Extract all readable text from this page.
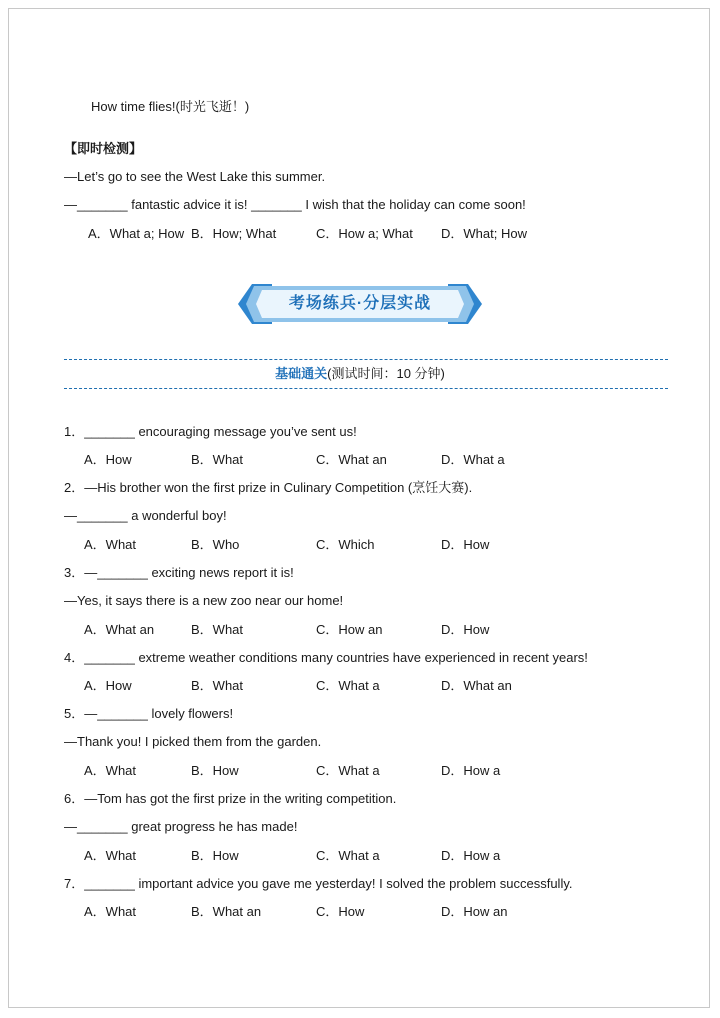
How time flies!(时光飞逝！)
【即时检测】
—Let’s go to see the West Lake this summer.
—_______ fantastic advice it is! _______ I wish that the holiday can come soon!
A．What a; How B．How; What	C．How a; What D．What; How
考场练兵·分层实战
基础通关(测试时间：10 分钟)
1．_______ encouraging message you’ve sent us!
A．How	B．What	C．What an	D．What a
2．—His brother won the first prize in Culinary Competition (烹饪大赛).
—_______ a wonderful boy!
A．What	B．Who	C．Which	D．How
3．—_______ exciting news report it is!
—Yes, it says there is a new zoo near our home!
A．What an	B．What	C．How an	D．How
4．_______ extreme weather conditions many countries have experienced in recent years!
A．How	B．What	C．What a	D．What an
5．—_______ lovely flowers!
—Thank you! I picked them from the garden.
A．What	B．How	C．What a	D．How a
6．—Tom has got the first prize in the writing competition.
—_______ great progress he has made!
A．What	B．How	C．What a	D．How a
7．_______ important advice you gave me yesterday! I solved the problem successfully.
A．What	B．What an	C．How	D．How an
